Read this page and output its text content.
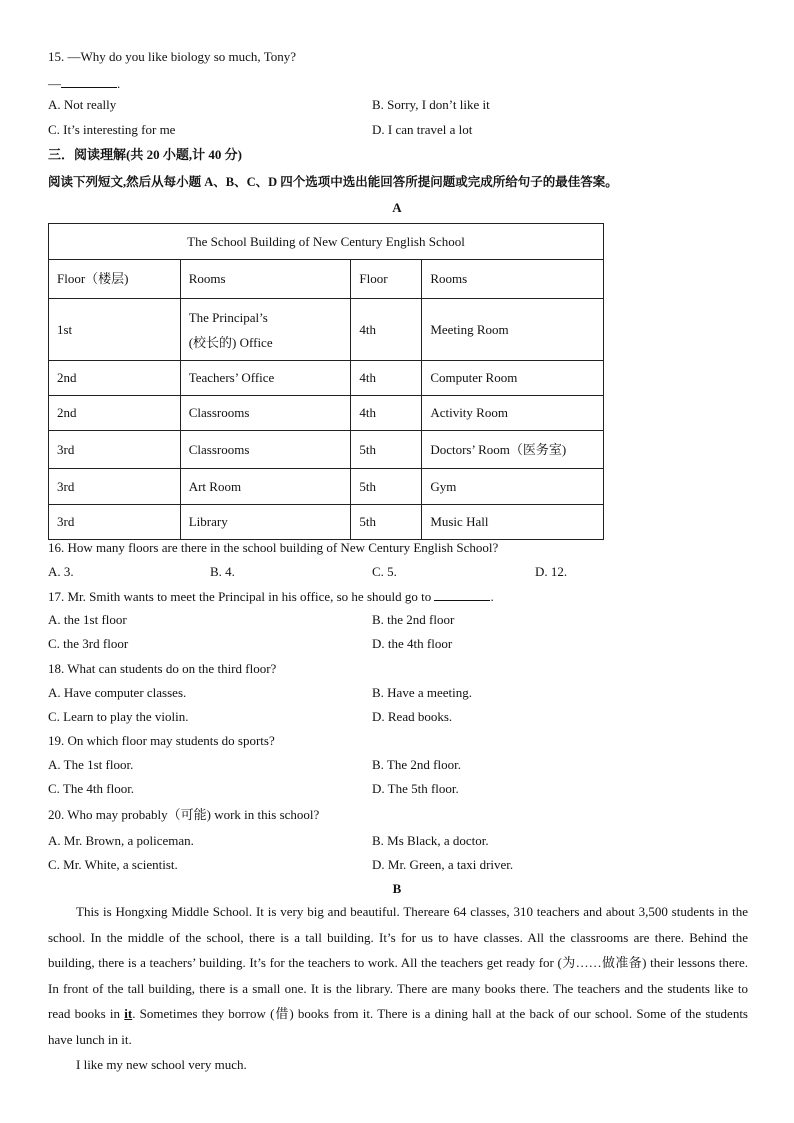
15. —Why do you like biology so much, Tony?
—	.
A. Not really	B. Sorry, I don’t like it
C. It’s interesting for me	D. I can travel a lot
三．阅读理解(共 20 小题,计 40 分)
阅读下列短文,然后从每小题 A、B、C、D 四个选项中选出能回答所提问题或完成所给句子的最佳答案。
A
The School Building of New Century English School			
Floor（楼层)	Rooms	Floor	Rooms
1st	The Principal’s
(校长的) Office	4th	Meeting Room
2nd	Teachers’ Office	4th	Computer Room
2nd	Classrooms	4th	Activity Room
3rd	Classrooms	5th	Doctors’ Room（医务室)
3rd	Art Room	5th	Gym
3rd	Library	5th	Music Hall
16. How many floors are there in the school building of New Century English School?
A. 3.	B. 4.	C. 5.	D. 12.
17. Mr. Smith wants to meet the Principal in his office, so he should go to	.
A. the 1st floor	B. the 2nd floor
C. the 3rd floor	D. the 4th floor
18. What can students do on the third floor?
A. Have computer classes.	B. Have a meeting.
C. Learn to play the violin.	D. Read books.
19. On which floor may students do sports?
A. The 1st floor.	B. The 2nd floor.
C. The 4th floor.	D. The 5th floor.
20. Who may probably（可能) work in this school?
A. Mr. Brown, a policeman.	B. Ms Black, a doctor.
C. Mr. White, a scientist.	D. Mr. Green, a taxi driver.
B

This is Hongxing Middle School. It is very big and beautiful. Thereare 64 classes, 310 teachers and about 3,500 students in the school. In the middle of the school, there is a tall building. It’s for us to have classes. All the classrooms are there. Behind the building, there is a teachers’ building. It’s for the teachers to work. All the teachers get ready for (为……做准备) their lessons there. In front of the tall building, there is a small one. It is the library. There are many books there. The teachers and the students like to read books in it. Sometimes they borrow (借) books from it. There is a dining hall at the back of our school. Some of the students have lunch in it.

I like my new school very much.
